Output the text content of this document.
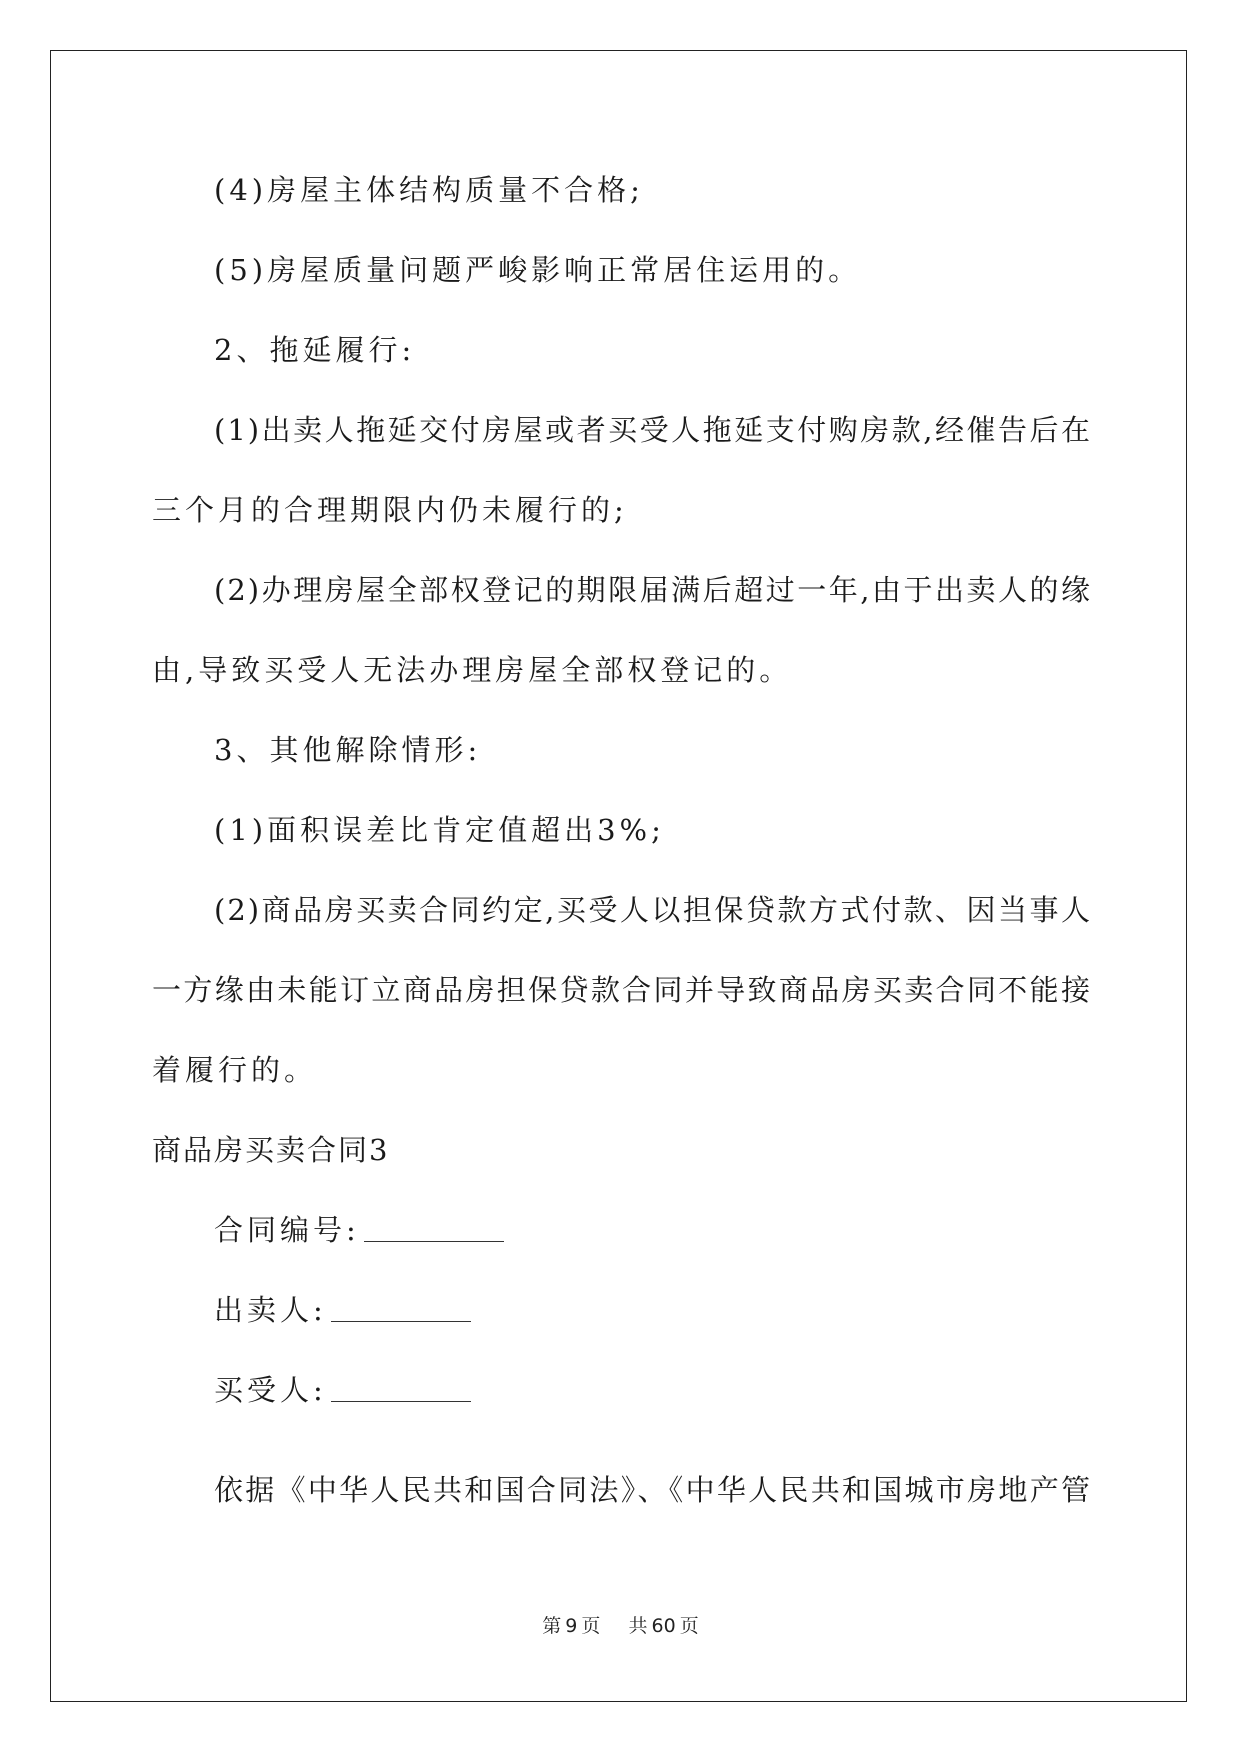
(4)房屋主体结构质量不合格;
(5)房屋质量问题严峻影响正常居住运用的。
2、拖延履行:
(1)出卖人拖延交付房屋或者买受人拖延支付购房款,经催告后在
三个月的合理期限内仍未履行的;
(2)办理房屋全部权登记的期限届满后超过一年,由于出卖人的缘
由,导致买受人无法办理房屋全部权登记的。
3、其他解除情形:
(1)面积误差比肯定值超出3%;
(2)商品房买卖合同约定,买受人以担保贷款方式付款、因当事人
一方缘由未能订立商品房担保贷款合同并导致商品房买卖合同不能接
着履行的。
商品房买卖合同3
合同编号:
出卖人:
买受人:
依据《中华人民共和国合同法》、《中华人民共和国城市房地产管
第 9 页 共 60 页
